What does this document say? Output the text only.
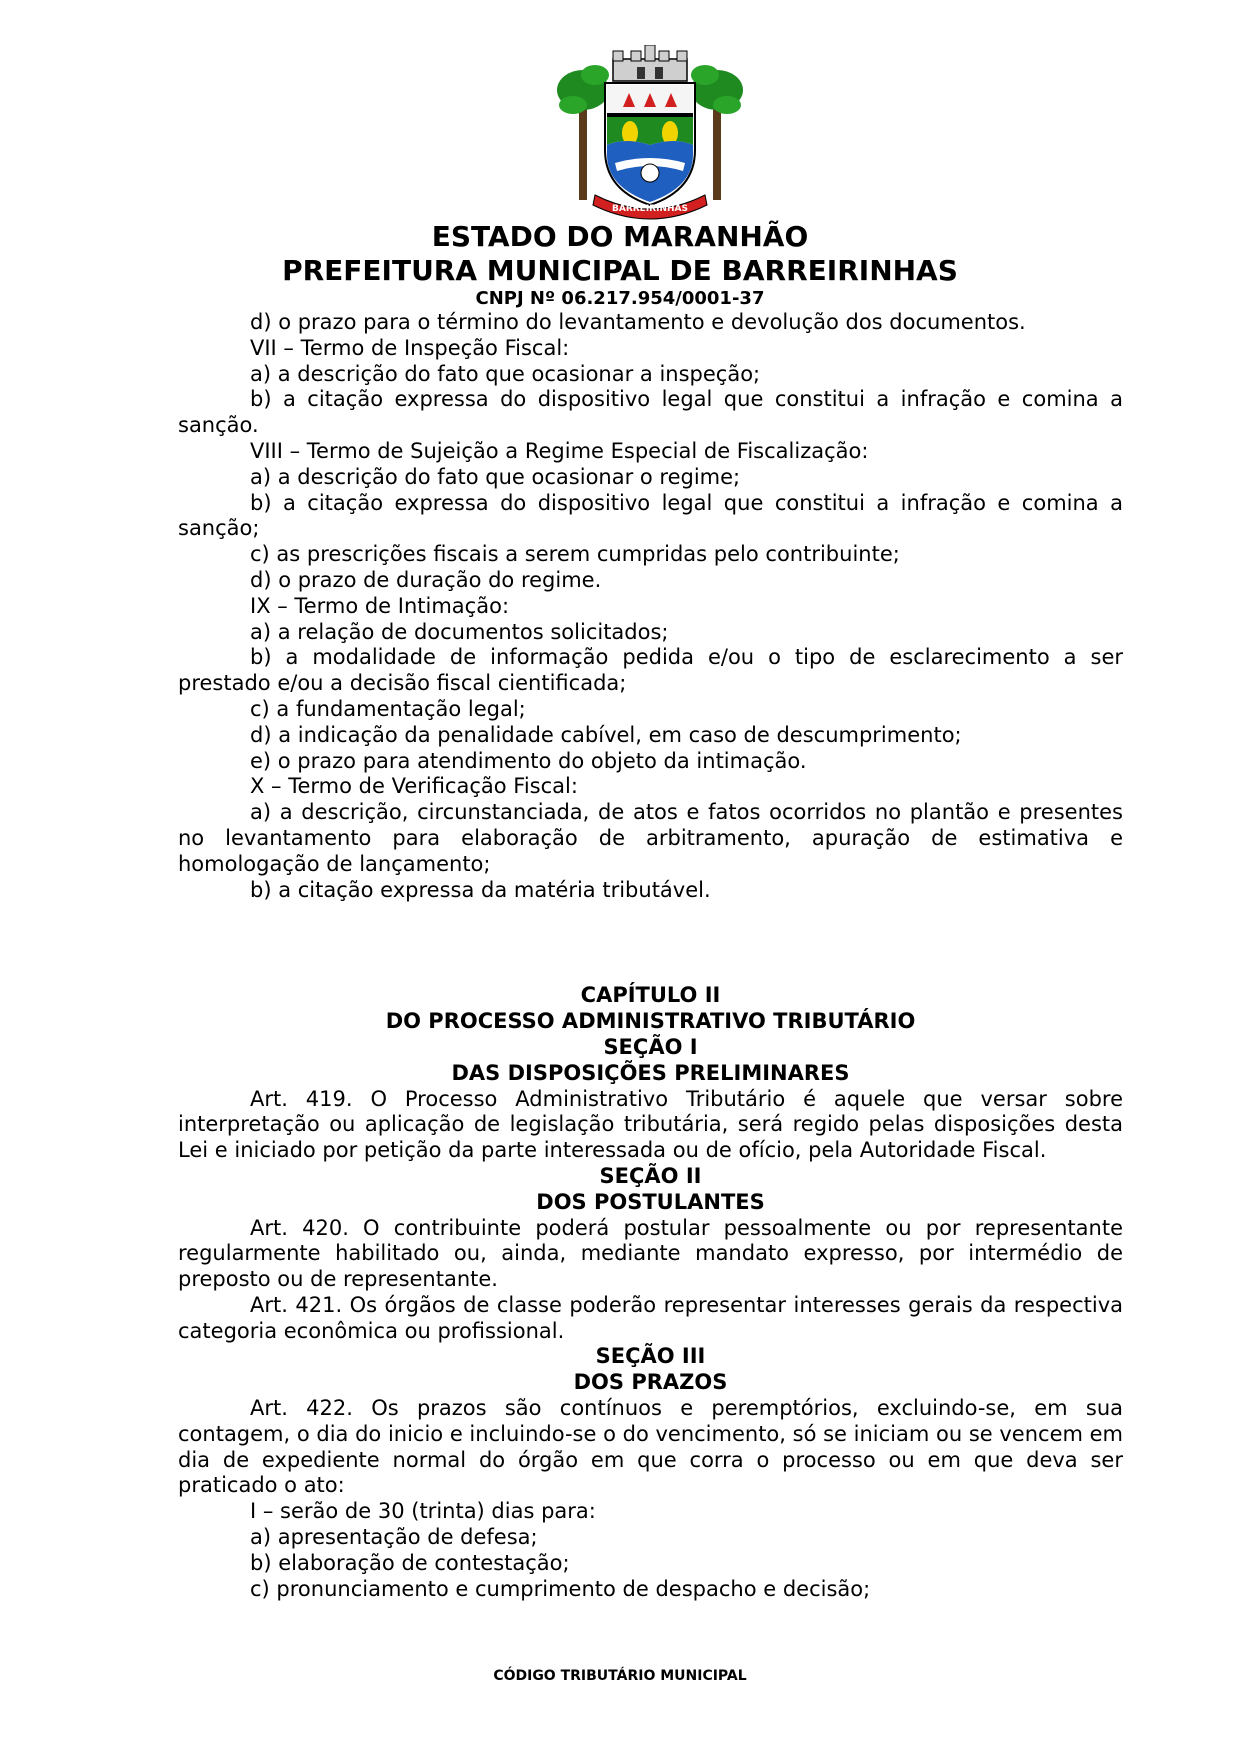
BARREIRINHAS
ESTADO DO MARANHÃO
PREFEITURA MUNICIPAL DE BARREIRINHAS
CNPJ Nº 06.217.954/0001-37

d) o prazo para o término do levantamento e devolução dos documentos.

VII – Termo de Inspeção Fiscal:

a) a descrição do fato que ocasionar a inspeção;

b) a citação expressa do dispositivo legal que constitui a infração e comina a sanção.

VIII – Termo de Sujeição a Regime Especial de Fiscalização:

a) a descrição do fato que ocasionar o regime;

b) a citação expressa do dispositivo legal que constitui a infração e comina a sanção;

c) as prescrições fiscais a serem cumpridas pelo contribuinte;

d) o prazo de duração do regime.

IX – Termo de Intimação:

a) a relação de documentos solicitados;

b) a modalidade de informação pedida e/ou o tipo de esclarecimento a ser prestado e/ou a decisão fiscal cientificada;

c) a fundamentação legal;

d) a indicação da penalidade cabível, em caso de descumprimento;

e) o prazo para atendimento do objeto da intimação.

X – Termo de Verificação Fiscal:

a) a descrição, circunstanciada, de atos e fatos ocorridos no plantão e presentes no levantamento para elaboração de arbitramento, apuração de estimativa e homologação de lançamento;

b) a citação expressa da matéria tributável.

CAPÍTULO II

DO PROCESSO ADMINISTRATIVO TRIBUTÁRIO

SEÇÃO I

DAS DISPOSIÇÕES PRELIMINARES

Art. 419. O Processo Administrativo Tributário é aquele que versar sobre interpretação ou aplicação de legislação tributária, será regido pelas disposições desta Lei e iniciado por petição da parte interessada ou de ofício, pela Autoridade Fiscal.

SEÇÃO II

DOS POSTULANTES

Art. 420. O contribuinte poderá postular pessoalmente ou por representante regularmente habilitado ou, ainda, mediante mandato expresso, por intermédio de preposto ou de representante.

Art. 421. Os órgãos de classe poderão representar interesses gerais da respectiva categoria econômica ou profissional.

SEÇÃO III

DOS PRAZOS

Art. 422. Os prazos são contínuos e peremptórios, excluindo-se, em sua contagem, o dia do inicio e incluindo-se o do vencimento, só se iniciam ou se vencem em dia de expediente normal do órgão em que corra o processo ou em que deva ser praticado o ato:

I – serão de 30 (trinta) dias para:

a) apresentação de defesa;

b) elaboração de contestação;

c) pronunciamento e cumprimento de despacho e decisão;

CÓDIGO TRIBUTÁRIO MUNICIPAL
